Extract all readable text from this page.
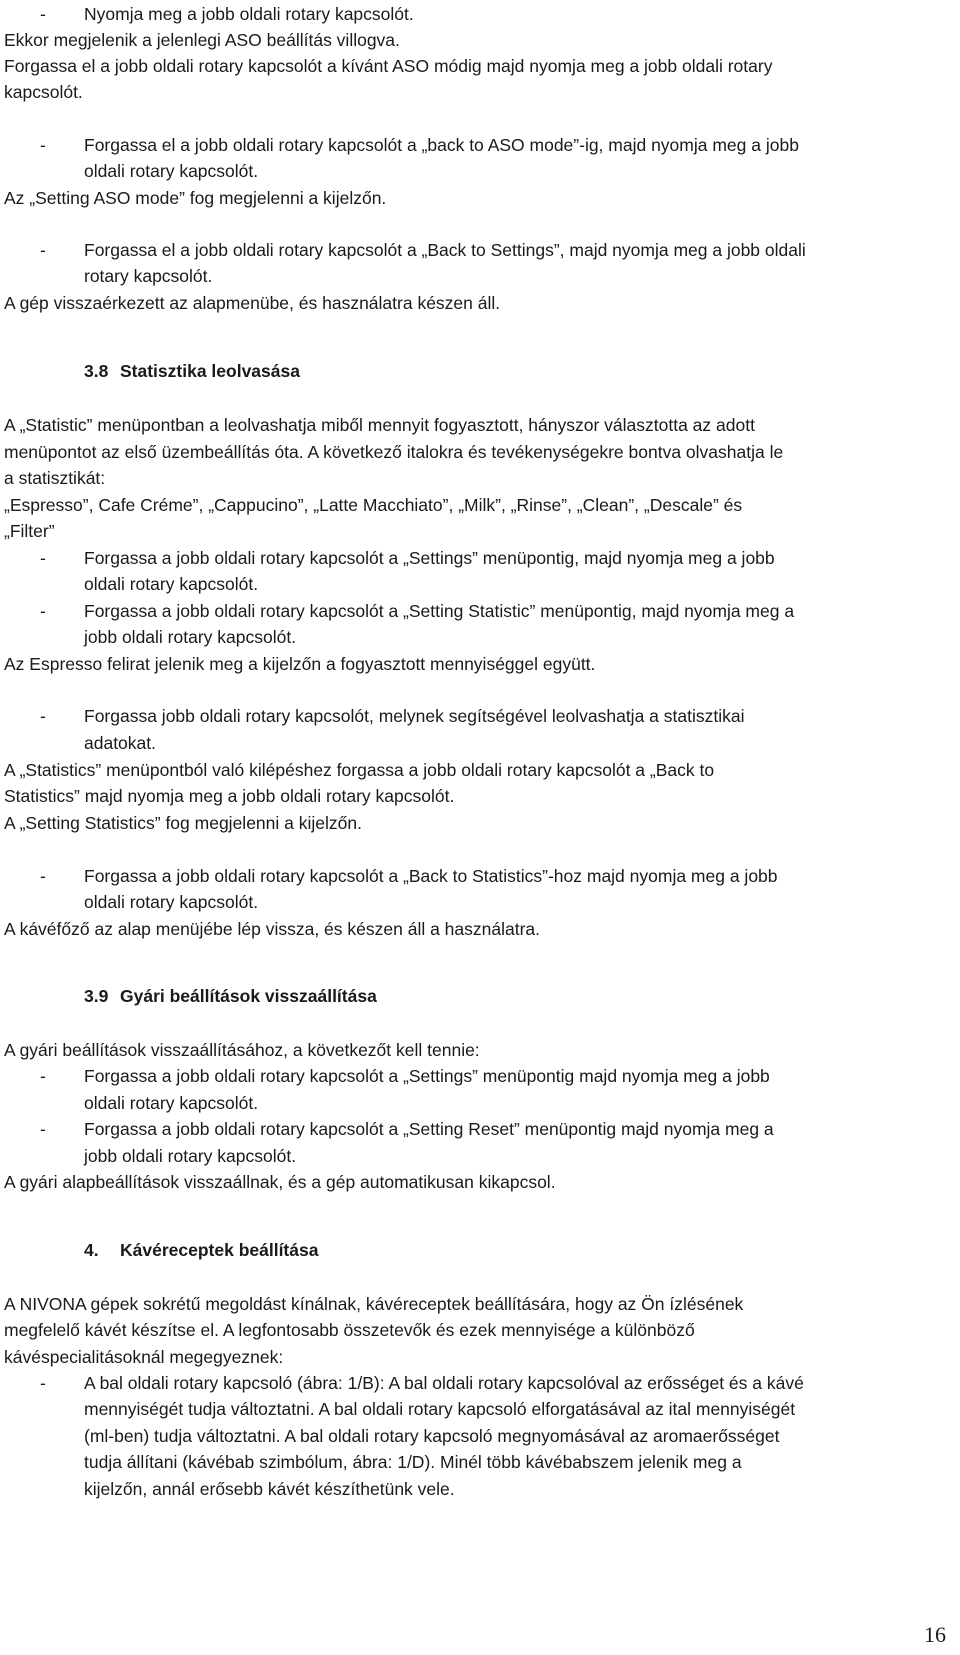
- Nyomja meg a jobb oldali rotary kapcsolót.
Ekkor megjelenik a jelenlegi ASO beállítás villogva.
Forgassa el a jobb oldali rotary kapcsolót a kívánt ASO módig majd nyomja meg a jobb oldali rotary
kapcsolót.
- Forgassa el a jobb oldali rotary kapcsolót a „back to ASO mode”-ig, majd nyomja meg a jobb
oldali rotary kapcsolót.
Az „Setting ASO mode” fog megjelenni a kijelzőn.
- Forgassa el a jobb oldali rotary kapcsolót a „Back to Settings”, majd nyomja meg a jobb oldali
rotary kapcsolót.
A gép visszaérkezett az alapmenübe, és használatra készen áll.
3.8 Statisztika leolvasása
A „Statistic” menüpontban a leolvashatja miből mennyit fogyasztott, hányszor választotta az adott
menüpontot az első üzembeállítás óta. A következő italokra és tevékenységekre bontva olvashatja le
a statisztikát:
„Espresso”, Cafe Créme”, „Cappucino”, „Latte Macchiato”, „Milk”, „Rinse”, „Clean”, „Descale” és
„Filter”
- Forgassa a jobb oldali rotary kapcsolót a „Settings” menüpontig, majd nyomja meg a jobb
oldali rotary kapcsolót.
- Forgassa a jobb oldali rotary kapcsolót a „Setting Statistic” menüpontig, majd nyomja meg a
jobb oldali rotary kapcsolót.
Az Espresso felirat jelenik meg a kijelzőn a fogyasztott mennyiséggel együtt.
- Forgassa jobb oldali rotary kapcsolót, melynek segítségével leolvashatja a statisztikai
adatokat.
A „Statistics” menüpontból való kilépéshez forgassa a jobb oldali rotary kapcsolót a „Back to
Statistics” majd nyomja meg a jobb oldali rotary kapcsolót.
A „Setting Statistics” fog megjelenni a kijelzőn.
- Forgassa a jobb oldali rotary kapcsolót a „Back to Statistics”-hoz majd nyomja meg a jobb
oldali rotary kapcsolót.
A kávéfőző az alap menüjébe lép vissza, és készen áll a használatra.
3.9 Gyári beállítások visszaállítása
A gyári beállítások visszaállításához, a következőt kell tennie:
- Forgassa a jobb oldali rotary kapcsolót a „Settings” menüpontig majd nyomja meg a jobb
oldali rotary kapcsolót.
- Forgassa a jobb oldali rotary kapcsolót a „Setting Reset” menüpontig majd nyomja meg a
jobb oldali rotary kapcsolót.
A gyári alapbeállítások visszaállnak, és a gép automatikusan kikapcsol.
4. Kávéreceptek beállítása
A NIVONA gépek sokrétű megoldást kínálnak, kávéreceptek beállítására, hogy az Ön ízlésének
megfelelő kávét készítse el. A legfontosabb összetevők és ezek mennyisége a különböző
kávéspecialitásoknál megegyeznek:
- A bal oldali rotary kapcsoló (ábra: 1/B): A bal oldali rotary kapcsolóval az erősséget és a kávé
mennyiségét tudja változtatni. A bal oldali rotary kapcsoló elforgatásával az ital mennyiségét
(ml-ben) tudja változtatni. A bal oldali rotary kapcsoló megnyomásával az aromaerősséget
tudja állítani (kávébab szimbólum, ábra: 1/D). Minél több kávébabszem jelenik meg a
kijelzőn, annál erősebb kávét készíthetünk vele.
16
